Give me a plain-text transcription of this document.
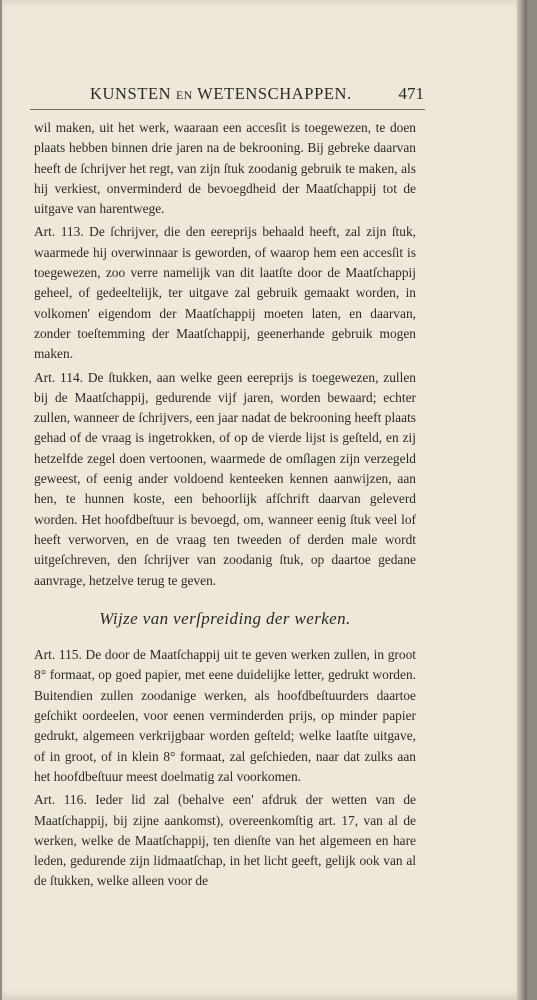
KUNSTEN EN WETENSCHAPPEN.	471

wil maken, uit het werk, waaraan een accesſit is toegewezen, te doen plaats hebben binnen drie jaren na de bekrooning. Bij gebreke daarvan heeft de ſchrijver het regt, van zijn ſtuk zoodanig gebruik te maken, als hij verkiest, onverminderd de bevoegdheid der Maatſchappij tot de uitgave van harentwege.

Art. 113. De ſchrijver, die den eereprijs behaald heeft, zal zijn ſtuk, waarmede hij overwinnaar is geworden, of waarop hem een accesſit is toegewezen, zoo verre namelijk van dit laatſte door de Maatſchappij geheel, of gedeeltelijk, ter uitgave zal gebruik gemaakt worden, in volkomen' eigendom der Maatſchappij moeten laten, en daarvan, zonder toeſtemming der Maatſchappij, geenerhande gebruik mogen maken.

Art. 114. De ſtukken, aan welke geen eereprijs is toegewezen, zullen bij de Maatſchappij, gedurende vijf jaren, worden bewaard; echter zullen, wanneer de ſchrijvers, een jaar nadat de bekrooning heeft plaats gehad of de vraag is ingetrokken, of op de vierde lijst is geſteld, en zij hetzelfde zegel doen vertoonen, waarmede de omſlagen zijn verzegeld geweest, of eenig ander voldoend kenteeken kennen aanwijzen, aan hen, te hunnen koste, een behoorlijk afſchrift daarvan geleverd worden. Het hoofdbeſtuur is bevoegd, om, wanneer eenig ſtuk veel lof heeft verworven, en de vraag ten tweeden of derden male wordt uitgeſchreven, den ſchrijver van zoodanig ſtuk, op daartoe gedane aanvrage, hetzelve terug te geven.

Wijze van verſpreiding der werken.

Art. 115. De door de Maatſchappij uit te geven werken zullen, in groot 8° formaat, op goed papier, met eene duidelijke letter, gedrukt worden. Buitendien zullen zoodanige werken, als hoofdbeſtuurders daartoe geſchikt oordeelen, voor eenen verminderden prijs, op minder papier gedrukt, algemeen verkrijgbaar worden geſteld; welke laatſte uitgave, of in groot, of in klein 8° formaat, zal geſchieden, naar dat zulks aan het hoofdbeſtuur meest doelmatig zal voorkomen.

Art. 116. Ieder lid zal (behalve een' afdruk der wetten van de Maatſchappij, bij zijne aankomst), overeenkomſtig art. 17, van al de werken, welke de Maatſchappij, ten dienſte van het algemeen en hare leden, gedurende zijn lidmaatſchap, in het licht geeft, gelijk ook van al de ſtukken, welke alleen voor de
